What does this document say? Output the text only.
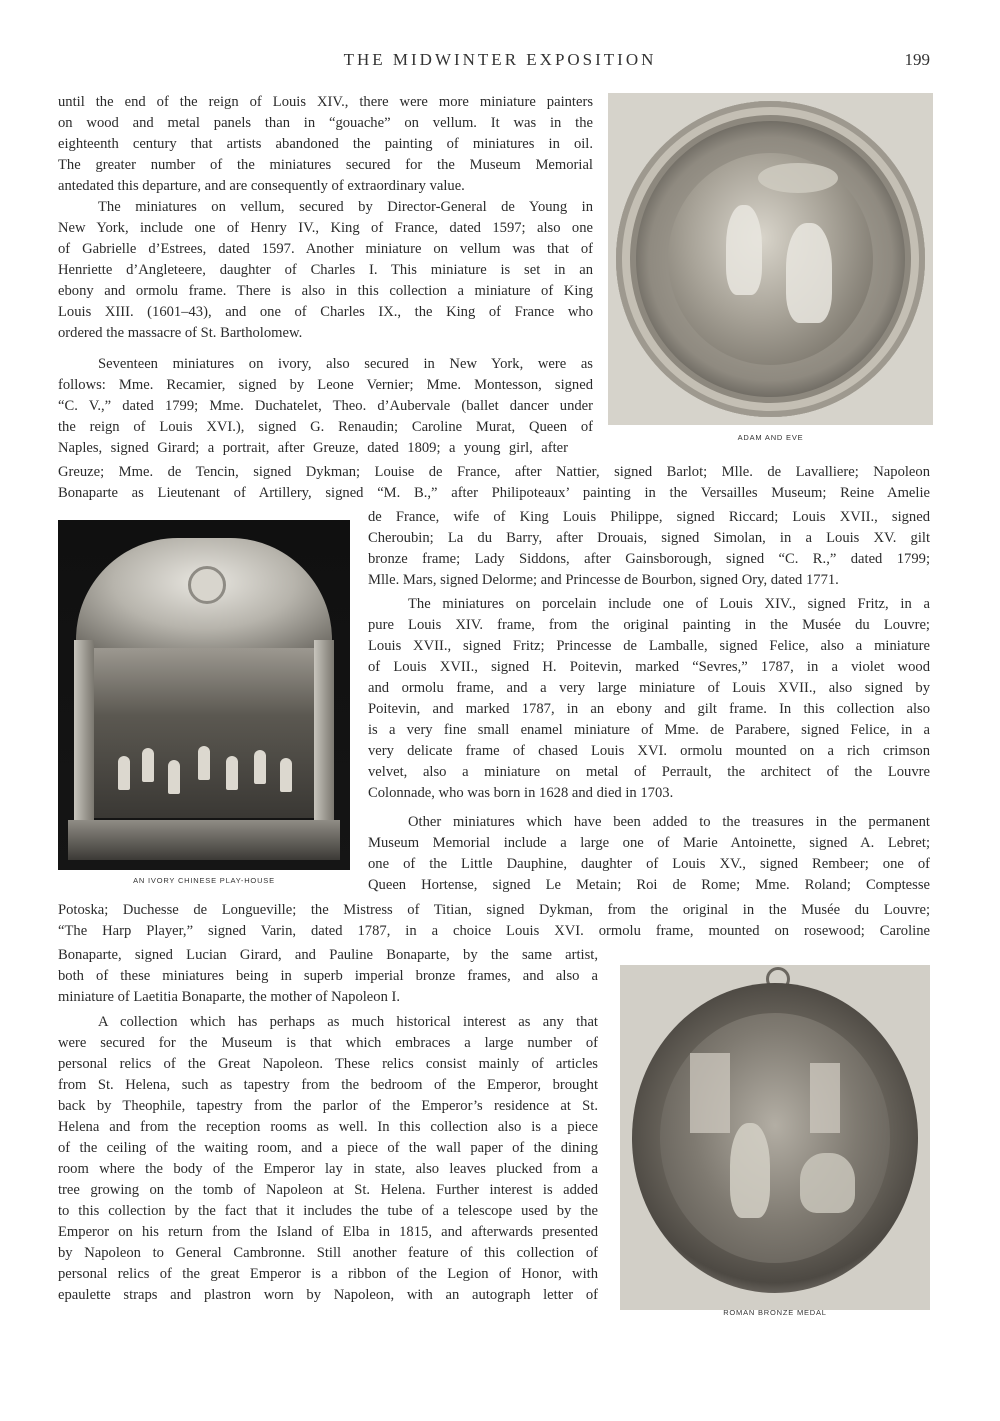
THE MIDWINTER EXPOSITION	199
ADAM AND EVE
AN IVORY CHINESE PLAY-HOUSE
ROMAN BRONZE MEDAL
until the end of the reign of Louis XIV., there were more miniature painters
on wood and metal panels than in “gouache” on vellum. It was in the
eighteenth century that artists abandoned the painting of miniatures in oil.
The greater number of the miniatures secured for the Museum Memorial
antedated this departure, and are consequently of extraordinary value.
The miniatures on vellum, secured by Director-General de Young in
New York, include one of Henry IV., King of France, dated 1597; also one
of Gabrielle d’Estrees, dated 1597. Another miniature on vellum was that of
Henriette d’Angleteere, daughter of Charles I. This miniature is set in an
ebony and ormolu frame. There is also in this collection a miniature of King
Louis XIII. (1601–43), and one of Charles IX., the King of France who
ordered the massacre of St. Bartholomew.
Seventeen miniatures on ivory, also secured in New York, were as
follows: Mme. Recamier, signed by Leone Vernier; Mme. Montesson, signed
“C. V.,” dated 1799; Mme. Duchatelet, Theo. d’Aubervale (ballet dancer under
the reign of Louis XVI.), signed G. Renaudin; Caroline Murat, Queen of
Naples, signed Girard; a portrait, after Greuze, dated 1809; a young girl, after
Greuze; Mme. de Tencin, signed Dykman; Louise de France, after Nattier, signed Barlot; Mlle. de Lavalliere; Napoleon
Bonaparte as Lieutenant of Artillery, signed “M. B.,” after Philipoteaux’ painting in the Versailles Museum; Reine Amelie
de France, wife of King Louis Philippe, signed Riccard; Louis XVII., signed
Cheroubin; La du Barry, after Drouais, signed Simolan, in a Louis XV. gilt
bronze frame; Lady Siddons, after Gainsborough, signed “C. R.,” dated 1799;
Mlle. Mars, signed Delorme; and Princesse de Bourbon, signed Ory, dated 1771.
The miniatures on porcelain include one of Louis XIV., signed Fritz, in a
pure Louis XIV. frame, from the original painting in the Musée du Louvre;
Louis XVII., signed Fritz; Princesse de Lamballe, signed Felice, also a miniature
of Louis XVII., signed H. Poitevin, marked “Sevres,” 1787, in a violet wood
and ormolu frame, and a very large miniature of Louis XVII., also signed by
Poitevin, and marked 1787, in an ebony and gilt frame. In this collection also
is a very fine small enamel miniature of Mme. de Parabere, signed Felice, in a
very delicate frame of chased Louis XVI. ormolu mounted on a rich crimson
velvet, also a miniature on metal of Perrault, the architect of the Louvre
Colonnade, who was born in 1628 and died in 1703.
Other miniatures which have been added to the treasures in the permanent
Museum Memorial include a large one of Marie Antoinette, signed A. Lebret;
one of the Little Dauphine, daughter of Louis XV., signed Rembeer; one of
Queen Hortense, signed Le Metain; Roi de Rome; Mme. Roland; Comptesse
Potoska; Duchesse de Longueville; the Mistress of Titian, signed Dykman, from the original in the Musée du Louvre;
“The Harp Player,” signed Varin, dated 1787, in a choice Louis XVI. ormolu frame, mounted on rosewood; Caroline
Bonaparte, signed Lucian Girard, and Pauline Bonaparte, by the same artist,
both of these miniatures being in superb imperial bronze frames, and also a
miniature of Laetitia Bonaparte, the mother of Napoleon I.
A collection which has perhaps as much historical interest as any that
were secured for the Museum is that which embraces a large number of
personal relics of the Great Napoleon. These relics consist mainly of articles
from St. Helena, such as tapestry from the bedroom of the Emperor, brought
back by Theophile, tapestry from the parlor of the Emperor’s residence at St.
Helena and from the reception rooms as well. In this collection also is a piece
of the ceiling of the waiting room, and a piece of the wall paper of the dining
room where the body of the Emperor lay in state, also leaves plucked from a
tree growing on the tomb of Napoleon at St. Helena. Further interest is added
to this collection by the fact that it includes the tube of a telescope used by the
Emperor on his return from the Island of Elba in 1815, and afterwards presented
by Napoleon to General Cambronne. Still another feature of this collection of
personal relics of the great Emperor is a ribbon of the Legion of Honor, with
epaulette straps and plastron worn by Napoleon, with an autograph letter of
